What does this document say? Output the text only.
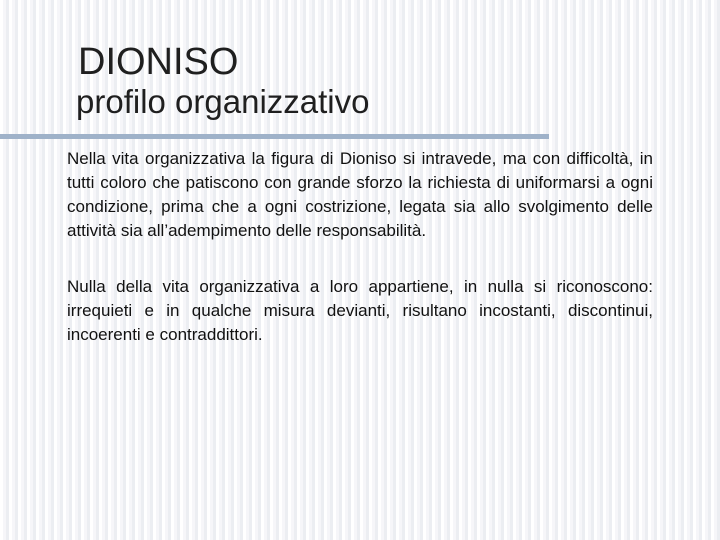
DIONISO
profilo organizzativo

Nella vita organizzativa la figura di Dioniso si intravede, ma con difficoltà, in tutti coloro che patiscono con grande sforzo la richiesta di uniformarsi a ogni condizione, prima che a ogni costrizione, legata sia allo svolgimento delle attività sia all’adempimento delle responsabilità.

Nulla della vita organizzativa a loro appartiene, in nulla si riconoscono: irrequieti e in qualche misura devianti, risultano incostanti, discontinui, incoerenti e contraddittori.
